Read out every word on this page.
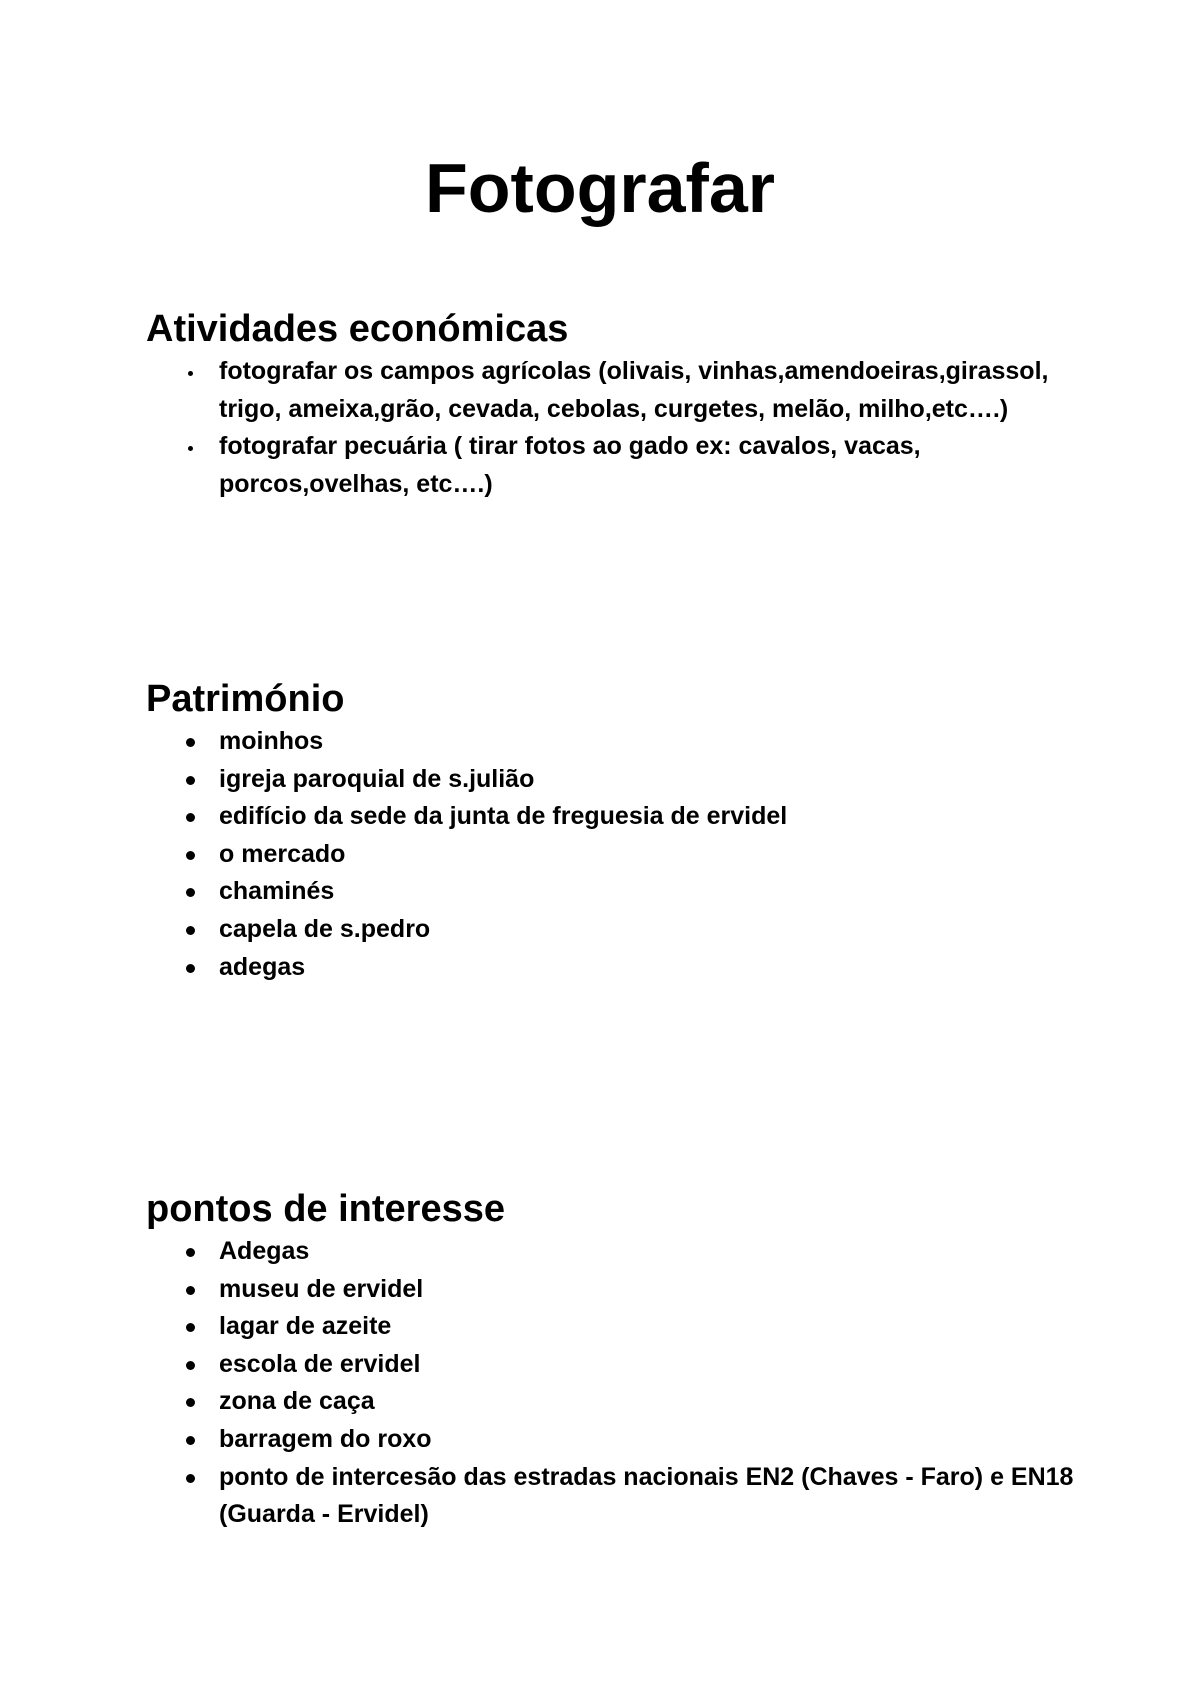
Fotografar
Atividades económicas
fotografar os campos agrícolas (olivais, vinhas,amendoeiras,girassol, trigo, ameixa,grão, cevada, cebolas, curgetes, melão, milho,etc….)
fotografar pecuária ( tirar fotos ao gado ex: cavalos, vacas, porcos,ovelhas, etc….)
Património
moinhos
igreja paroquial de s.julião
edifício da sede da junta de freguesia de ervidel
o mercado
chaminés
capela de s.pedro
adegas
pontos de interesse
Adegas
museu de ervidel
lagar de azeite
escola de ervidel
zona de caça
barragem do roxo
ponto de intercesão das estradas nacionais EN2 (Chaves - Faro) e EN18 (Guarda - Ervidel)
